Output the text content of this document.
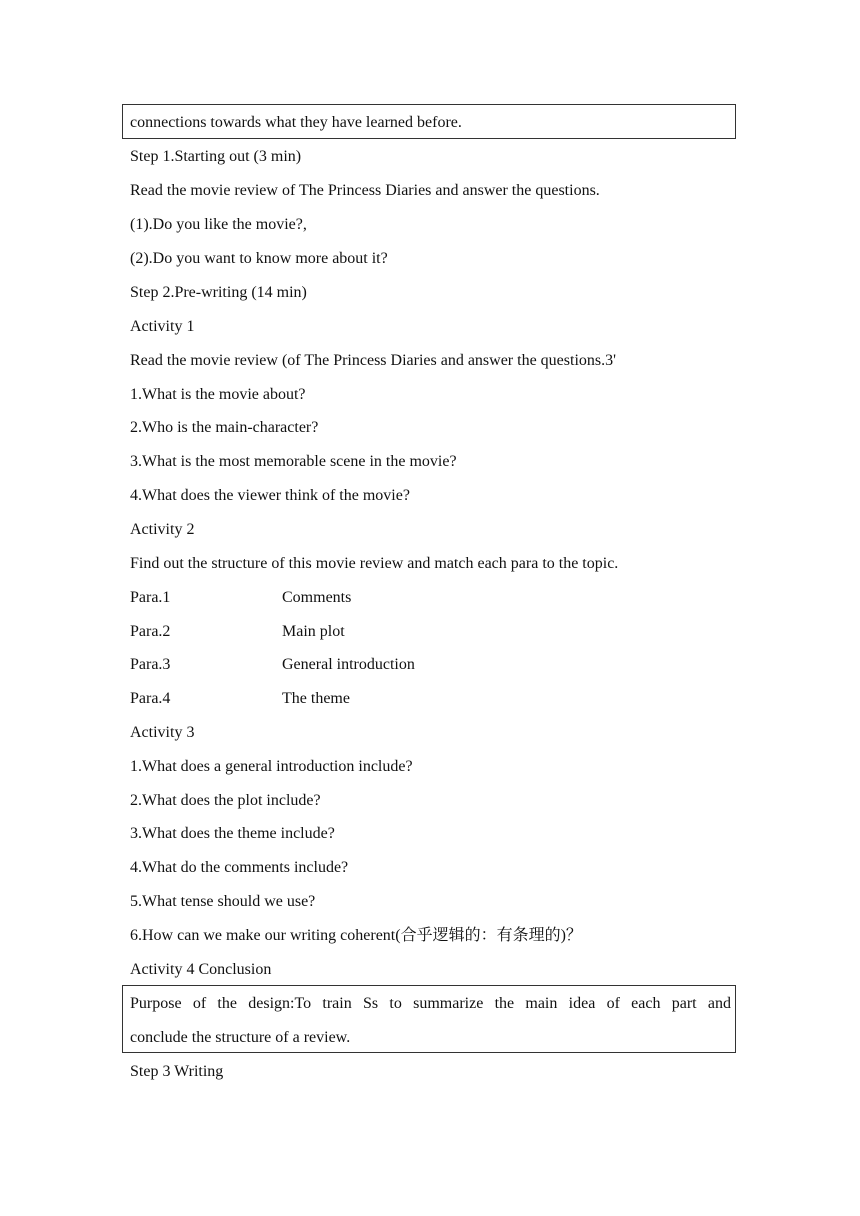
connections towards what they have learned before.
Step 1.Starting out (3 min)
Read the movie review of The Princess Diaries and answer the questions.
(1).Do you like the movie?,
(2).Do you want to know more about it?
Step 2.Pre-writing (14 min)
Activity 1
Read the movie review (of The Princess Diaries and answer the questions.3'
1.What is the movie about?
2.Who is the main-character?
3.What is the most memorable scene in the movie?
4.What does the viewer think of the movie?
Activity 2
Find out the structure of this movie review and match each para to the topic.
Para.1	Comments
Para.2	Main plot
Para.3	General introduction
Para.4	The theme
Activity 3
1.What does a general introduction include?
2.What does the plot include?
3.What does the theme include?
4.What do the comments include?
5.What tense should we use?
6.How can we make our writing coherent(合乎逻辑的：有条理的)？
Activity 4 Conclusion
Purpose of the design:To train Ss to summarize the main idea of each part and
conclude the structure of a review.
Step 3 Writing
